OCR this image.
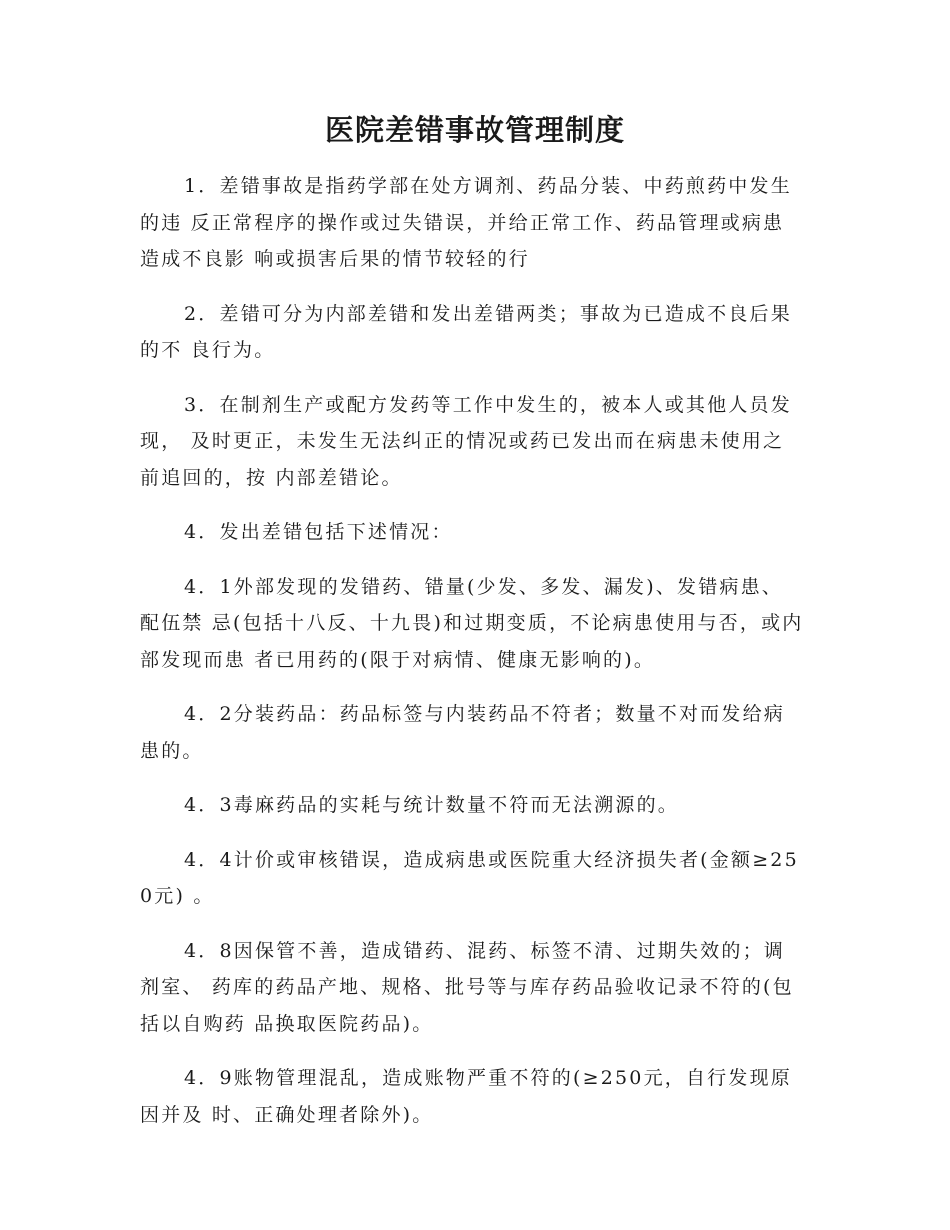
医院差错事故管理制度

1．差错事故是指药学部在处方调剂、药品分装、中药煎药中发生的违 反正常程序的操作或过失错误，并给正常工作、药品管理或病患造成不良影 响或损害后果的情节较轻的行

2．差错可分为内部差错和发出差错两类；事故为已造成不良后果的不 良行为。

3．在制剂生产或配方发药等工作中发生的，被本人或其他人员发现， 及时更正，未发生无法纠正的情况或药已发出而在病患未使用之前追回的，按 内部差错论。

4．发出差错包括下述情况：

4．1外部发现的发错药、错量(少发、多发、漏发)、发错病患、配伍禁 忌(包括十八反、十九畏)和过期变质，不论病患使用与否，或内部发现而患 者已用药的(限于对病情、健康无影响的)。

4．2分装药品：药品标签与内装药品不符者；数量不对而发给病患的。

4．3毒麻药品的实耗与统计数量不符而无法溯源的。

4．4计价或审核错误，造成病患或医院重大经济损失者(金额≥250元) 。

4．8因保管不善，造成错药、混药、标签不清、过期失效的；调剂室、 药库的药品产地、规格、批号等与库存药品验收记录不符的(包括以自购药 品换取医院药品)。

4．9账物管理混乱，造成账物严重不符的(≥250元，自行发现原因并及 时、正确处理者除外)。
